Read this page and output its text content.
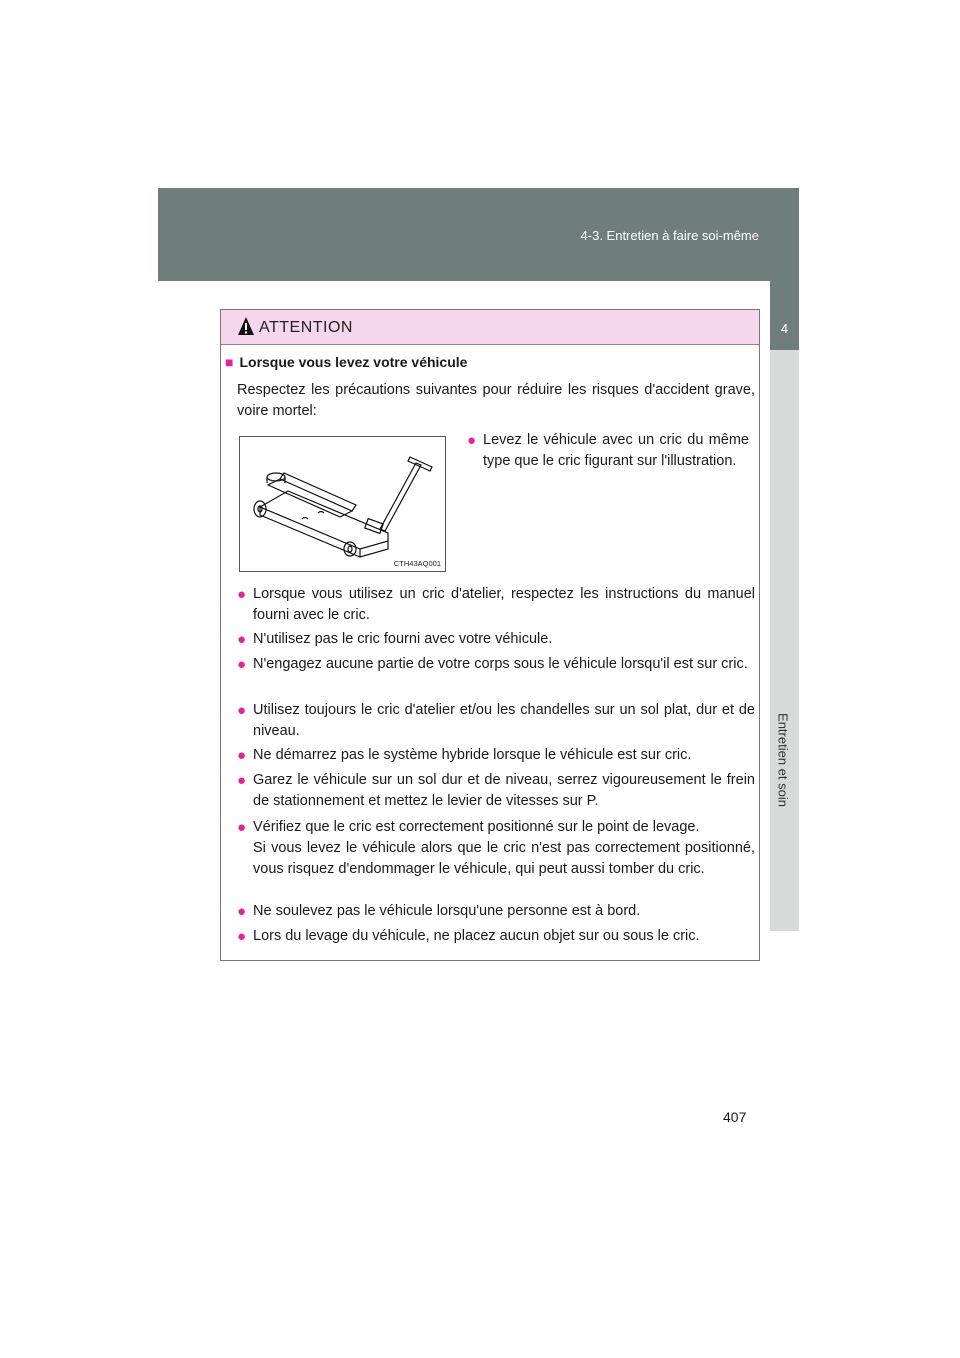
4-3. Entretien à faire soi-même
4
Entretien et soin
ATTENTION
■ Lorsque vous levez votre véhicule
Respectez les précautions suivantes pour réduire les risques d'accident grave, voire mortel:
CTH43AQ001
● Levez le véhicule avec un cric du même type que le cric figurant sur l'illustration.
● Lorsque vous utilisez un cric d'atelier, respectez les instructions du manuel fourni avec le cric.
● N'utilisez pas le cric fourni avec votre véhicule.
● N'engagez aucune partie de votre corps sous le véhicule lorsqu'il est sur cric.
● Utilisez toujours le cric d'atelier et/ou les chandelles sur un sol plat, dur et de niveau.
● Ne démarrez pas le système hybride lorsque le véhicule est sur cric.
● Garez le véhicule sur un sol dur et de niveau, serrez vigoureusement le frein de stationnement et mettez le levier de vitesses sur P.
● Vérifiez que le cric est correctement positionné sur le point de levage.
Si vous levez le véhicule alors que le cric n'est pas correctement positionné, vous risquez d'endommager le véhicule, qui peut aussi tomber du cric.
● Ne soulevez pas le véhicule lorsqu'une personne est à bord.
● Lors du levage du véhicule, ne placez aucun objet sur ou sous le cric.
407
